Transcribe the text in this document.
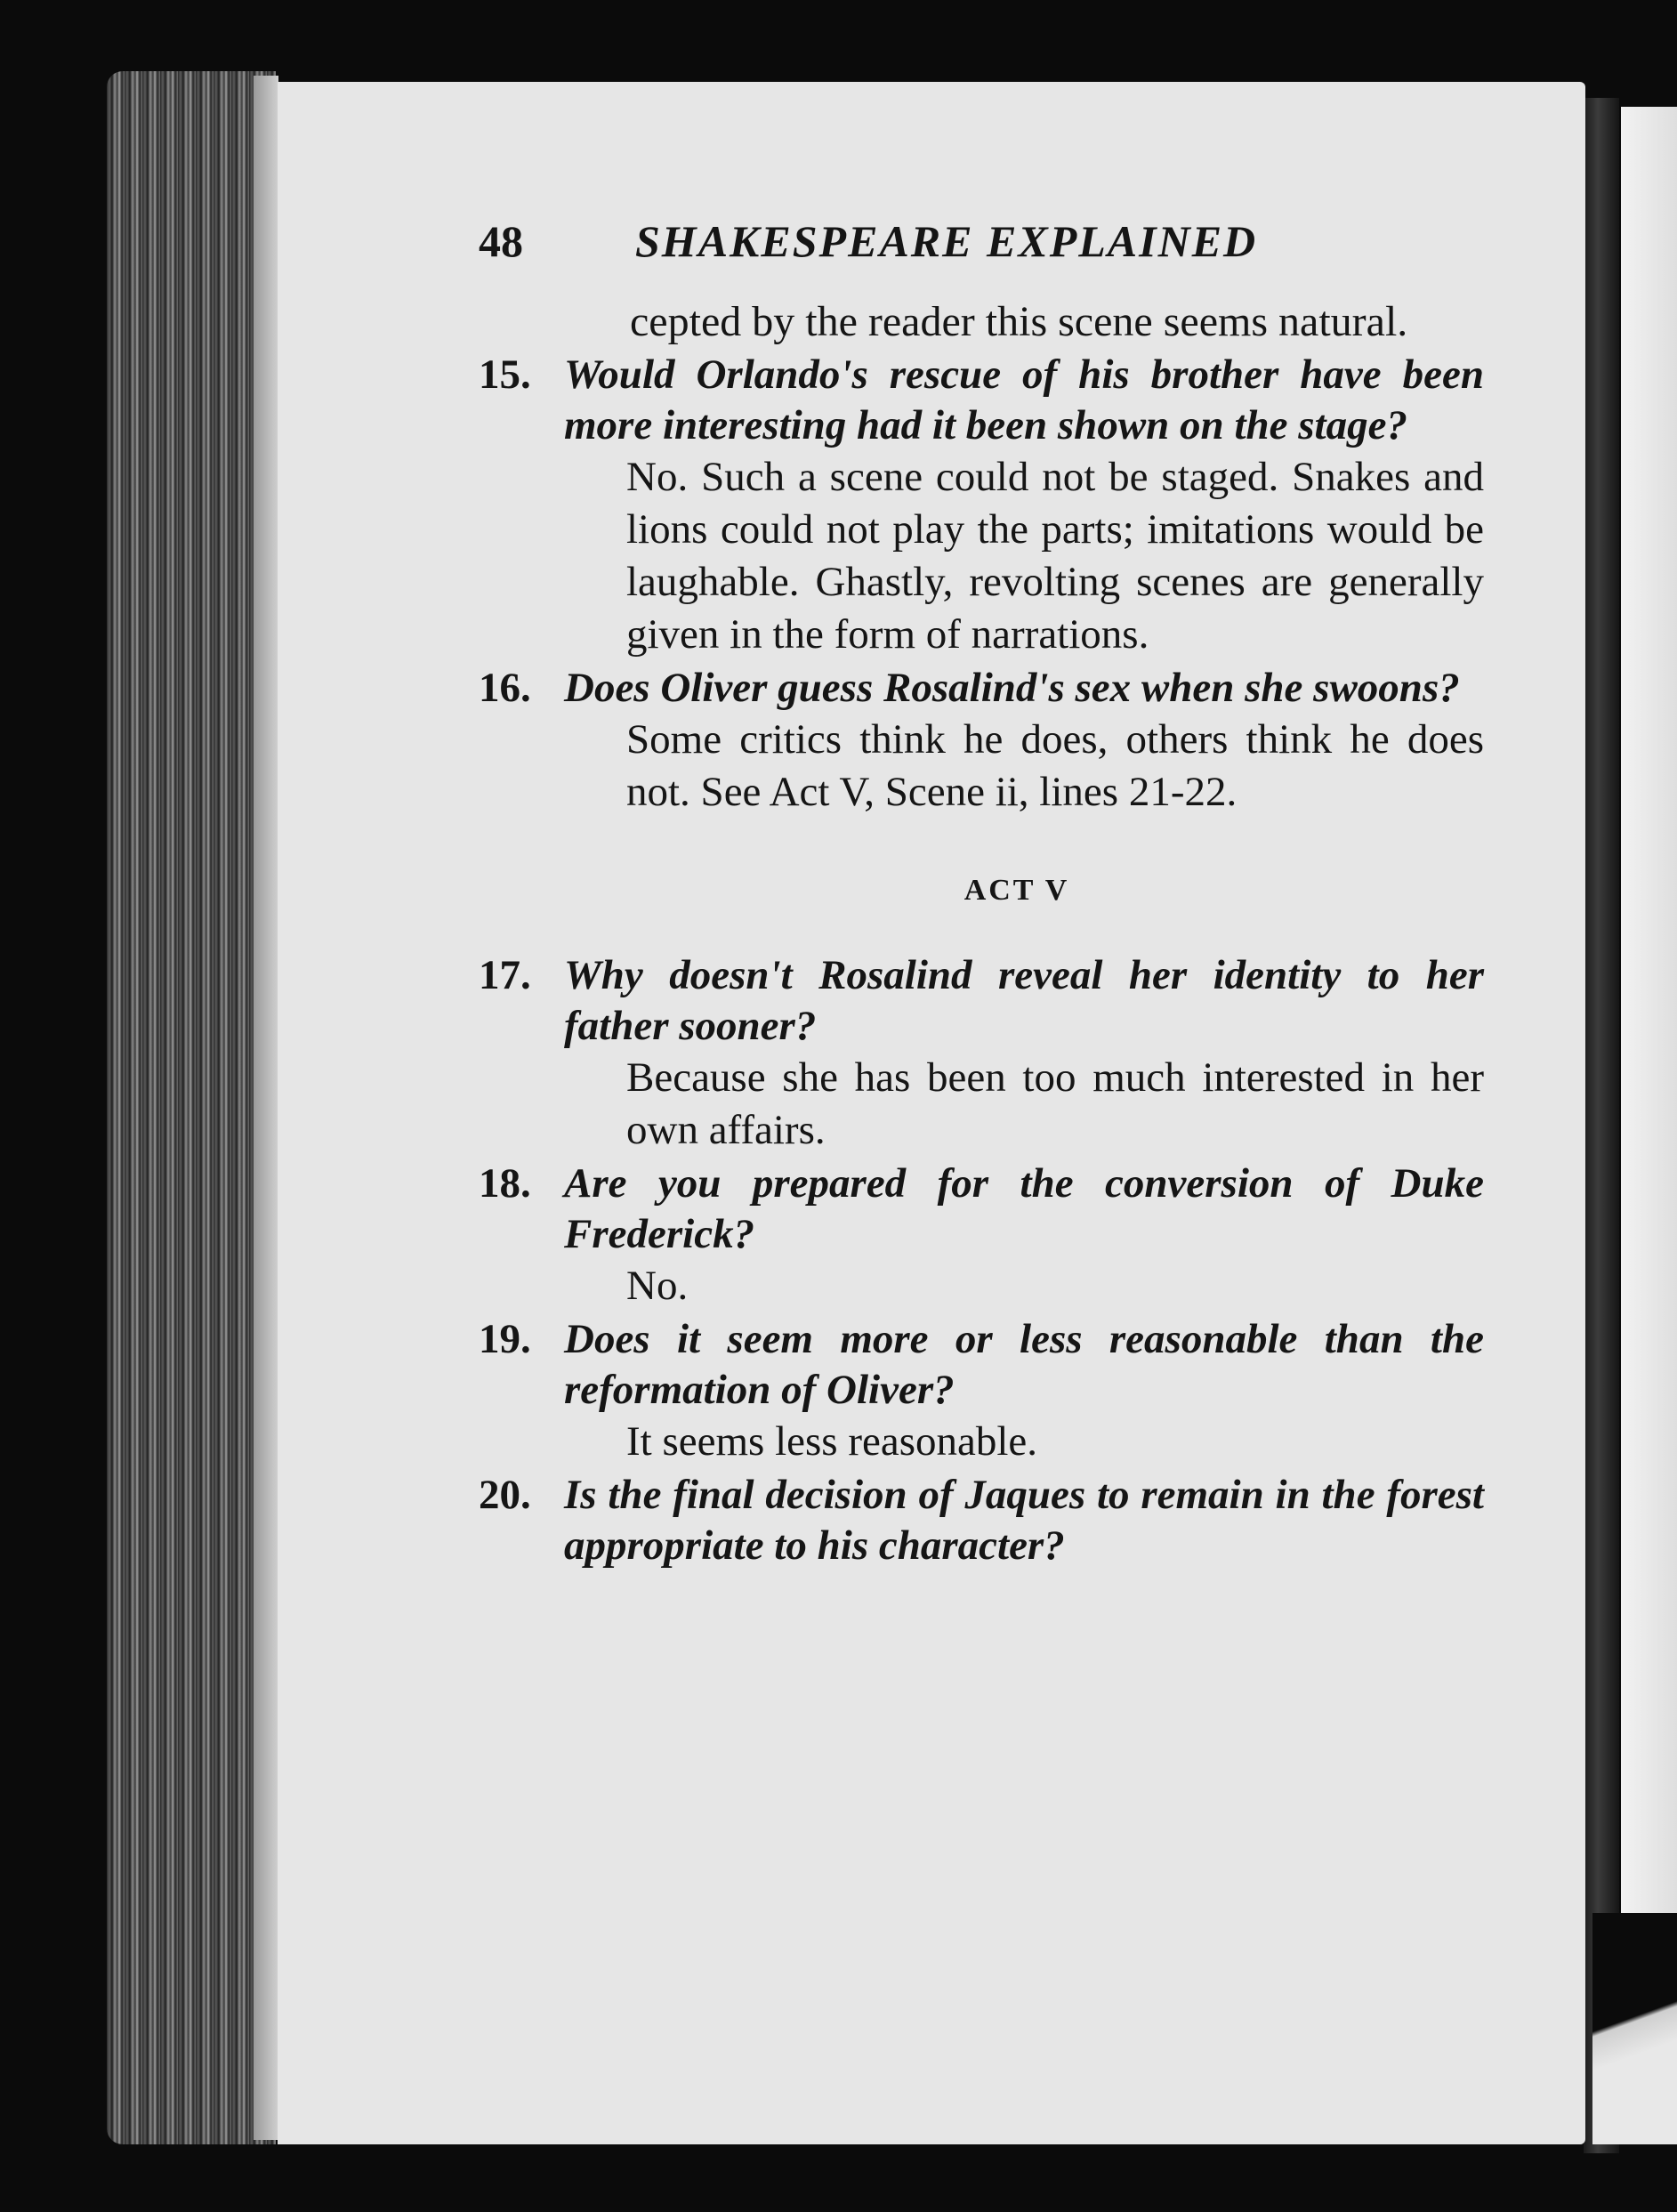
48	SHAKESPEARE EXPLAINED
cepted by the reader this scene seems natural.
15. Would Orlando's rescue of his brother have been more interesting had it been shown on the stage?
No. Such a scene could not be staged. Snakes and lions could not play the parts; imitations would be laughable. Ghastly, revolting scenes are generally given in the form of narrations.
16. Does Oliver guess Rosalind's sex when she swoons?
Some critics think he does, others think he does not. See Act V, Scene ii, lines 21-22.
ACT V
17. Why doesn't Rosalind reveal her identity to her father sooner?
Because she has been too much interested in her own affairs.
18. Are you prepared for the conversion of Duke Frederick?
No.
19. Does it seem more or less reasonable than the reformation of Oliver?
It seems less reasonable.
20. Is the final decision of Jaques to remain in the forest appropriate to his character?
